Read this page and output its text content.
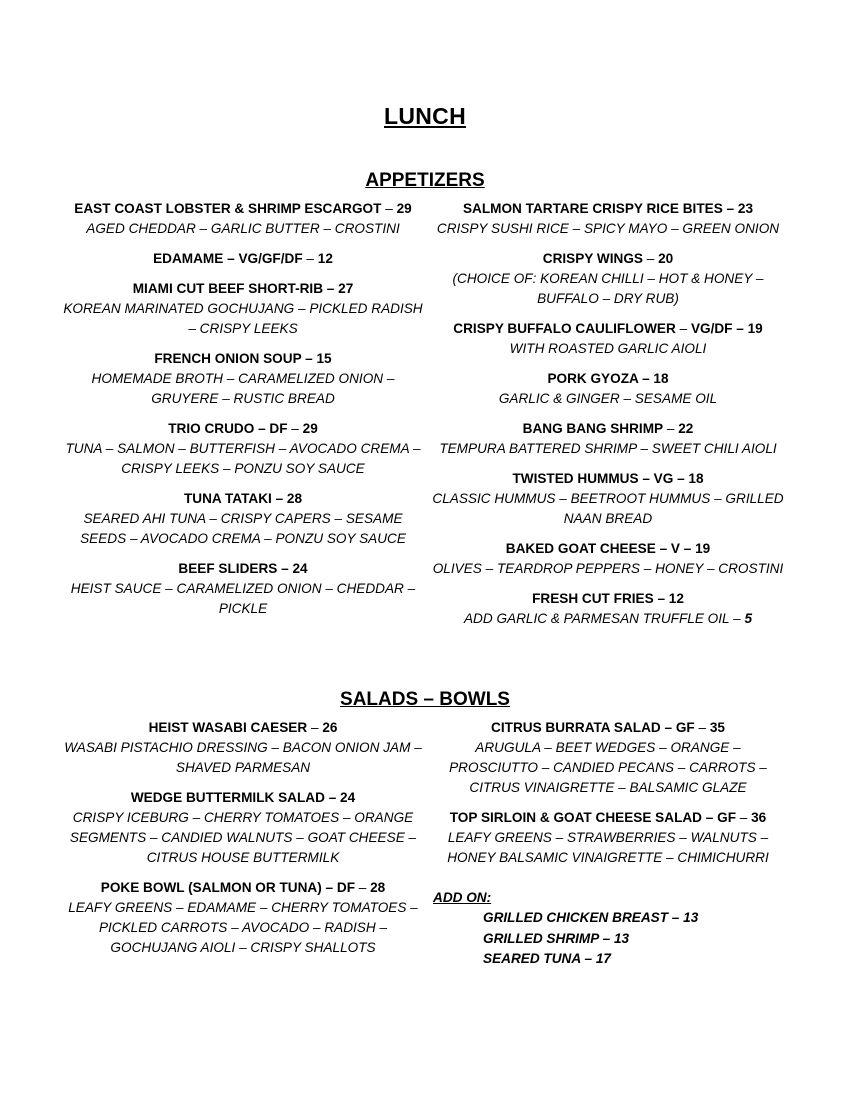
LUNCH
APPETIZERS
EAST COAST LOBSTER & SHRIMP ESCARGOT – 29
AGED CHEDDAR – GARLIC BUTTER – CROSTINI
EDAMAME – VG/GF/DF – 12
MIAMI CUT BEEF SHORT-RIB – 27
KOREAN MARINATED GOCHUJANG – PICKLED RADISH – CRISPY LEEKS
FRENCH ONION SOUP – 15
HOMEMADE BROTH – CARAMELIZED ONION – GRUYERE – RUSTIC BREAD
TRIO CRUDO – DF – 29
TUNA – SALMON – BUTTERFISH – AVOCADO CREMA – CRISPY LEEKS – PONZU SOY SAUCE
TUNA TATAKI – 28
SEARED AHI TUNA – CRISPY CAPERS – SESAME SEEDS – AVOCADO CREMA – PONZU SOY SAUCE
BEEF SLIDERS – 24
HEIST SAUCE – CARAMELIZED ONION – CHEDDAR – PICKLE
SALMON TARTARE CRISPY RICE BITES – 23
CRISPY SUSHI RICE – SPICY MAYO – GREEN ONION
CRISPY WINGS – 20
(CHOICE OF: KOREAN CHILLI – HOT & HONEY – BUFFALO – DRY RUB)
CRISPY BUFFALO CAULIFLOWER – VG/DF – 19
WITH ROASTED GARLIC AIOLI
PORK GYOZA – 18
GARLIC & GINGER – SESAME OIL
BANG BANG SHRIMP – 22
TEMPURA BATTERED SHRIMP – SWEET CHILI AIOLI
TWISTED HUMMUS – VG – 18
CLASSIC HUMMUS – BEETROOT HUMMUS – GRILLED NAAN BREAD
BAKED GOAT CHEESE – V – 19
OLIVES – TEARDROP PEPPERS – HONEY – CROSTINI
FRESH CUT FRIES – 12
ADD GARLIC & PARMESAN TRUFFLE OIL – 5
SALADS – BOWLS
HEIST WASABI CAESER – 26
WASABI PISTACHIO DRESSING – BACON ONION JAM – SHAVED PARMESAN
WEDGE BUTTERMILK SALAD – 24
CRISPY ICEBURG – CHERRY TOMATOES – ORANGE SEGMENTS – CANDIED WALNUTS – GOAT CHEESE – CITRUS HOUSE BUTTERMILK
POKE BOWL (SALMON OR TUNA) – DF – 28
LEAFY GREENS – EDAMAME – CHERRY TOMATOES – PICKLED CARROTS – AVOCADO – RADISH – GOCHUJANG AIOLI – CRISPY SHALLOTS
CITRUS BURRATA SALAD – GF – 35
ARUGULA – BEET WEDGES – ORANGE – PROSCIUTTO – CANDIED PECANS – CARROTS – CITRUS VINAIGRETTE – BALSAMIC GLAZE
TOP SIRLOIN & GOAT CHEESE SALAD – GF – 36
LEAFY GREENS – STRAWBERRIES – WALNUTS – HONEY BALSAMIC VINAIGRETTE – CHIMICHURRI
ADD ON:
GRILLED CHICKEN BREAST – 13
GRILLED SHRIMP – 13
SEARED TUNA – 17
